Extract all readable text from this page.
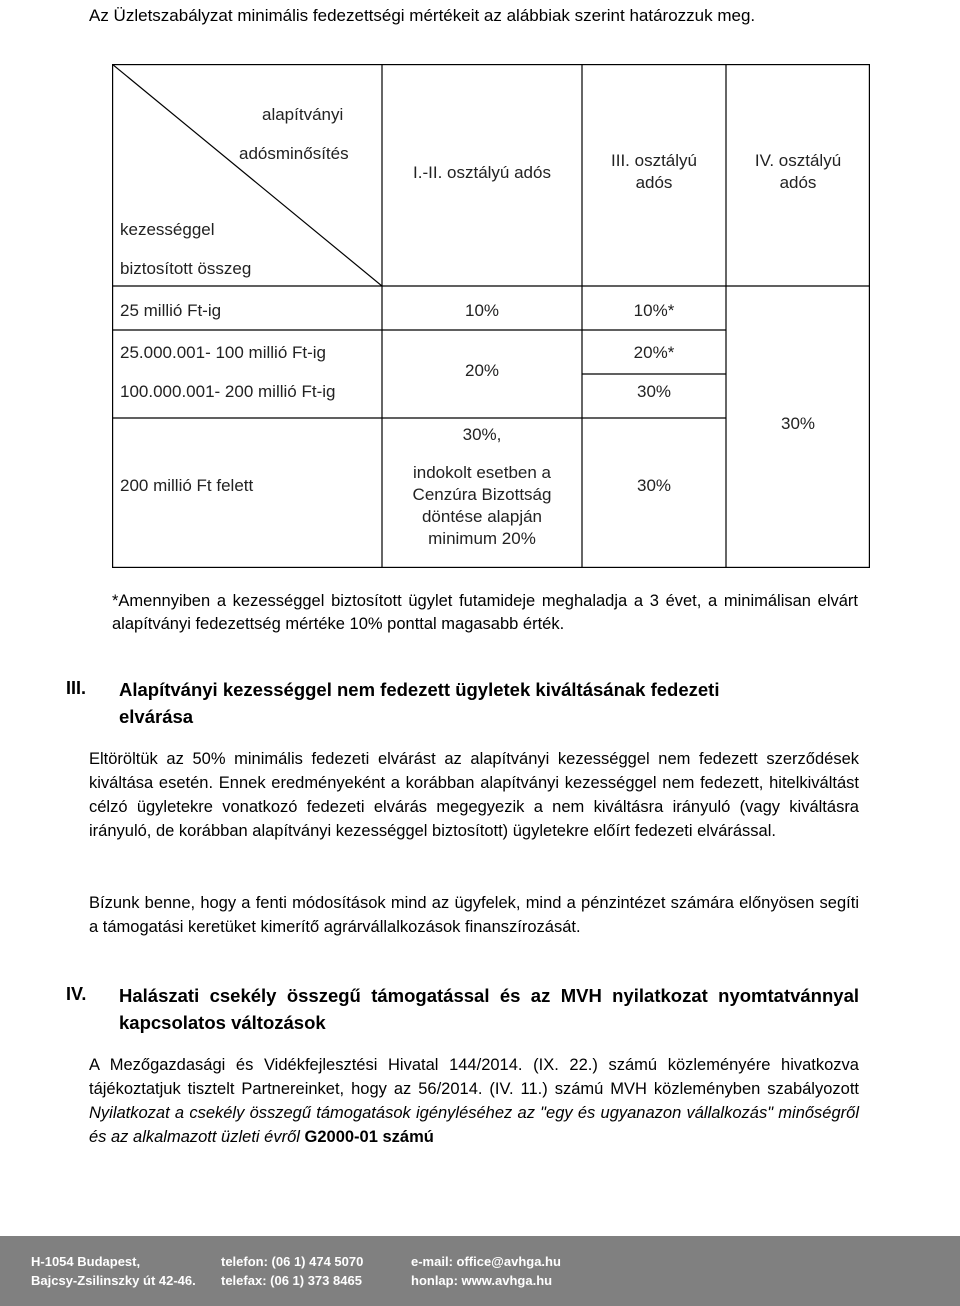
Az Üzletszabályzat minimális fedezettségi mértékeit az alábbiak szerint határozzuk meg.
alapítványi
adósminősítés
kezességgel
biztosított összeg
I.-II. osztályú adós
III. osztályú
adós
IV. osztályú
adós
25 millió Ft-ig	10%	10%*
25.000.001- 100 millió Ft-ig
100.000.001- 200 millió Ft-ig
20%
20%*
30%
200 millió Ft felett
30%,
indokolt esetben a
Cenzúra Bizottság
döntése alapján
minimum 20%
30%
30%
*Amennyiben a kezességgel biztosított ügylet futamideje meghaladja a 3 évet, a minimálisan elvárt alapítványi fedezettség mértéke 10% ponttal magasabb érték.
III. Alapítványi kezességgel nem fedezett ügyletek kiváltásának fedezeti elvárása
Eltöröltük az 50% minimális fedezeti elvárást az alapítványi kezességgel nem fedezett szerződések kiváltása esetén. Ennek eredményeként a korábban alapítványi kezességgel nem fedezett, hitelkiváltást célzó ügyletekre vonatkozó fedezeti elvárás megegyezik a nem kiváltásra irányuló (vagy kiváltásra irányuló, de korábban alapítványi kezességgel biztosított) ügyletekre előírt fedezeti elvárással.
Bízunk benne, hogy a fenti módosítások mind az ügyfelek, mind a pénzintézet számára előnyösen segíti a támogatási keretüket kimerítő agrárvállalkozások finanszírozását.
IV. Halászati csekély összegű támogatással és az MVH nyilatkozat nyomtatvánnyal kapcsolatos változások
A Mezőgazdasági és Vidékfejlesztési Hivatal 144/2014. (IX. 22.) számú közleményére hivatkozva tájékoztatjuk tisztelt Partnereinket, hogy az 56/2014. (IV. 11.) számú MVH közleményben szabályozott Nyilatkozat a csekély összegű támogatások igényléséhez az "egy és ugyanazon vállalkozás" minőségről és az alkalmazott üzleti évről G2000-01 számú
H-1054 Budapest,
Bajcsy-Zsilinszky út 42-46.
telefon: (06 1) 474 5070
telefax: (06 1) 373 8465
e-mail: office@avhga.hu
honlap: www.avhga.hu
